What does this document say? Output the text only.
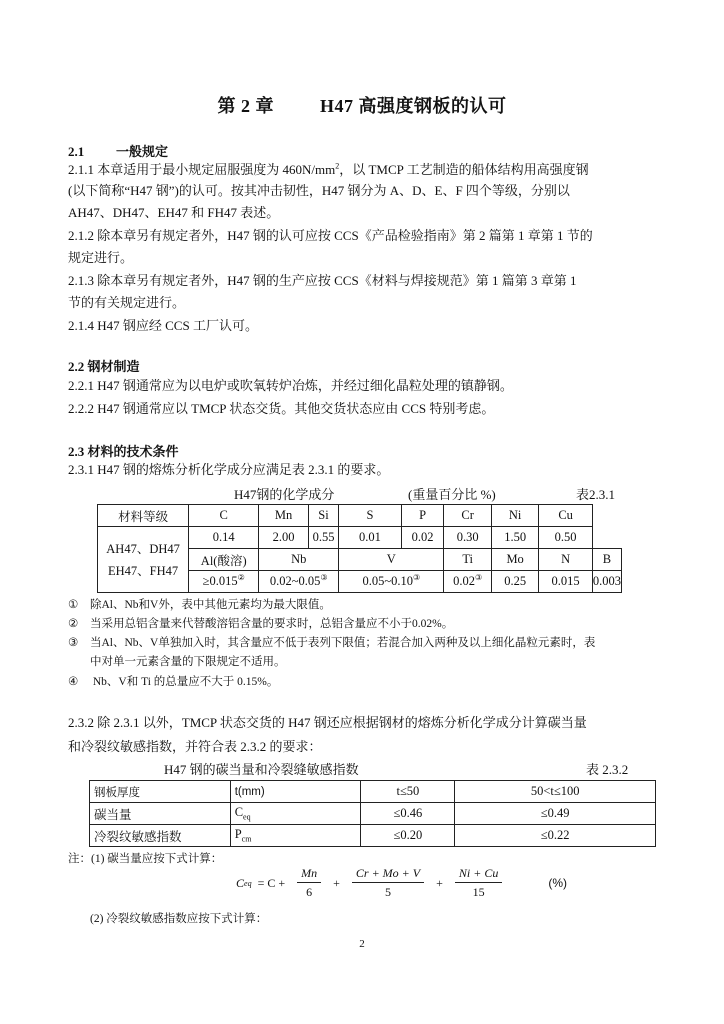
第 2 章	H47 高强度钢板的认可
2.1 一般规定
2.1.1 本章适用于最小规定屈服强度为 $460N/mm^2$，以 TMCP 工艺制造的船体结构用高强度钢
(以下简称“H47 钢”)的认可。按其冲击韧性，H47 钢分为 A、D、E、F 四个等级，分别以
AH47、DH47、EH47 和 FH47 表述。
2.1.2 除本章另有规定者外，H47 钢的认可应按 CCS《产品检验指南》第 2 篇第 1 章第 1 节的
规定进行。
2.1.3 除本章另有规定者外，H47 钢的生产应按 CCS《材料与焊接规范》第 1 篇第 3 章第 1
节的有关规定进行。
2.1.4 H47 钢应经 CCS 工厂认可。
2.2 钢材制造
2.2.1 H47 钢通常应为以电炉或吹氧转炉冶炼，并经过细化晶粒处理的镇静钢。
2.2.2 H47 钢通常应以 TMCP 状态交货。其他交货状态应由 CCS 特别考虑。
2.3 材料的技术条件
2.3.1 H47 钢的熔炼分析化学成分应满足表 2.3.1 的要求。
H47钢的化学成分	(重量百分比 %)	表2.3.1
材料等级	C	Mn	Si	S	P	Cr	Ni	Cu	

AH47、DH47
EH47、FH47	0.14	2.00	0.55	0.01	0.02	0.30	1.50	0.50	
	Al(酸溶)	Nb		V		Ti	Mo	N	B
	≥0.015②	0.02~0.05③		0.05~0.10③		0.02③	0.25	0.015	0.003
① 除Al、Nb和V外，表中其他元素均为最大限值。
② 当采用总铝含量来代替酸溶铝含量的要求时，总铝含量应不小于0.02%。
③ 当Al、Nb、V单独加入时，其含量应不低于表列下限值；若混合加入两种及以上细化晶粒元素时，表
中对单一元素含量的下限规定不适用。
④ Nb、V和 Ti 的总量应不大于 0.15%。
2.3.2 除 2.3.1 以外，TMCP 状态交货的 H47 钢还应根据钢材的熔炼分析化学成分计算碳当量
和冷裂纹敏感指数，并符合表 2.3.2 的要求：
H47 钢的碳当量和冷裂缝敏感指数	表 2.3.2
钢板厚度	t(mm)	t≤50	50<t≤100
碳当量	$C_{eq}$	≤0.46	≤0.49
冷裂纹敏感指数	$P_{cm}$	≤0.20	≤0.22
注：(1) 碳当量应按下式计算：
C eq = $C + \frac{Mn}{6} + \frac{Cr + Mo + V}{5} + \frac{Ni + Cu}{15}$	(%)
(2) 冷裂纹敏感指数应按下式计算：
2
